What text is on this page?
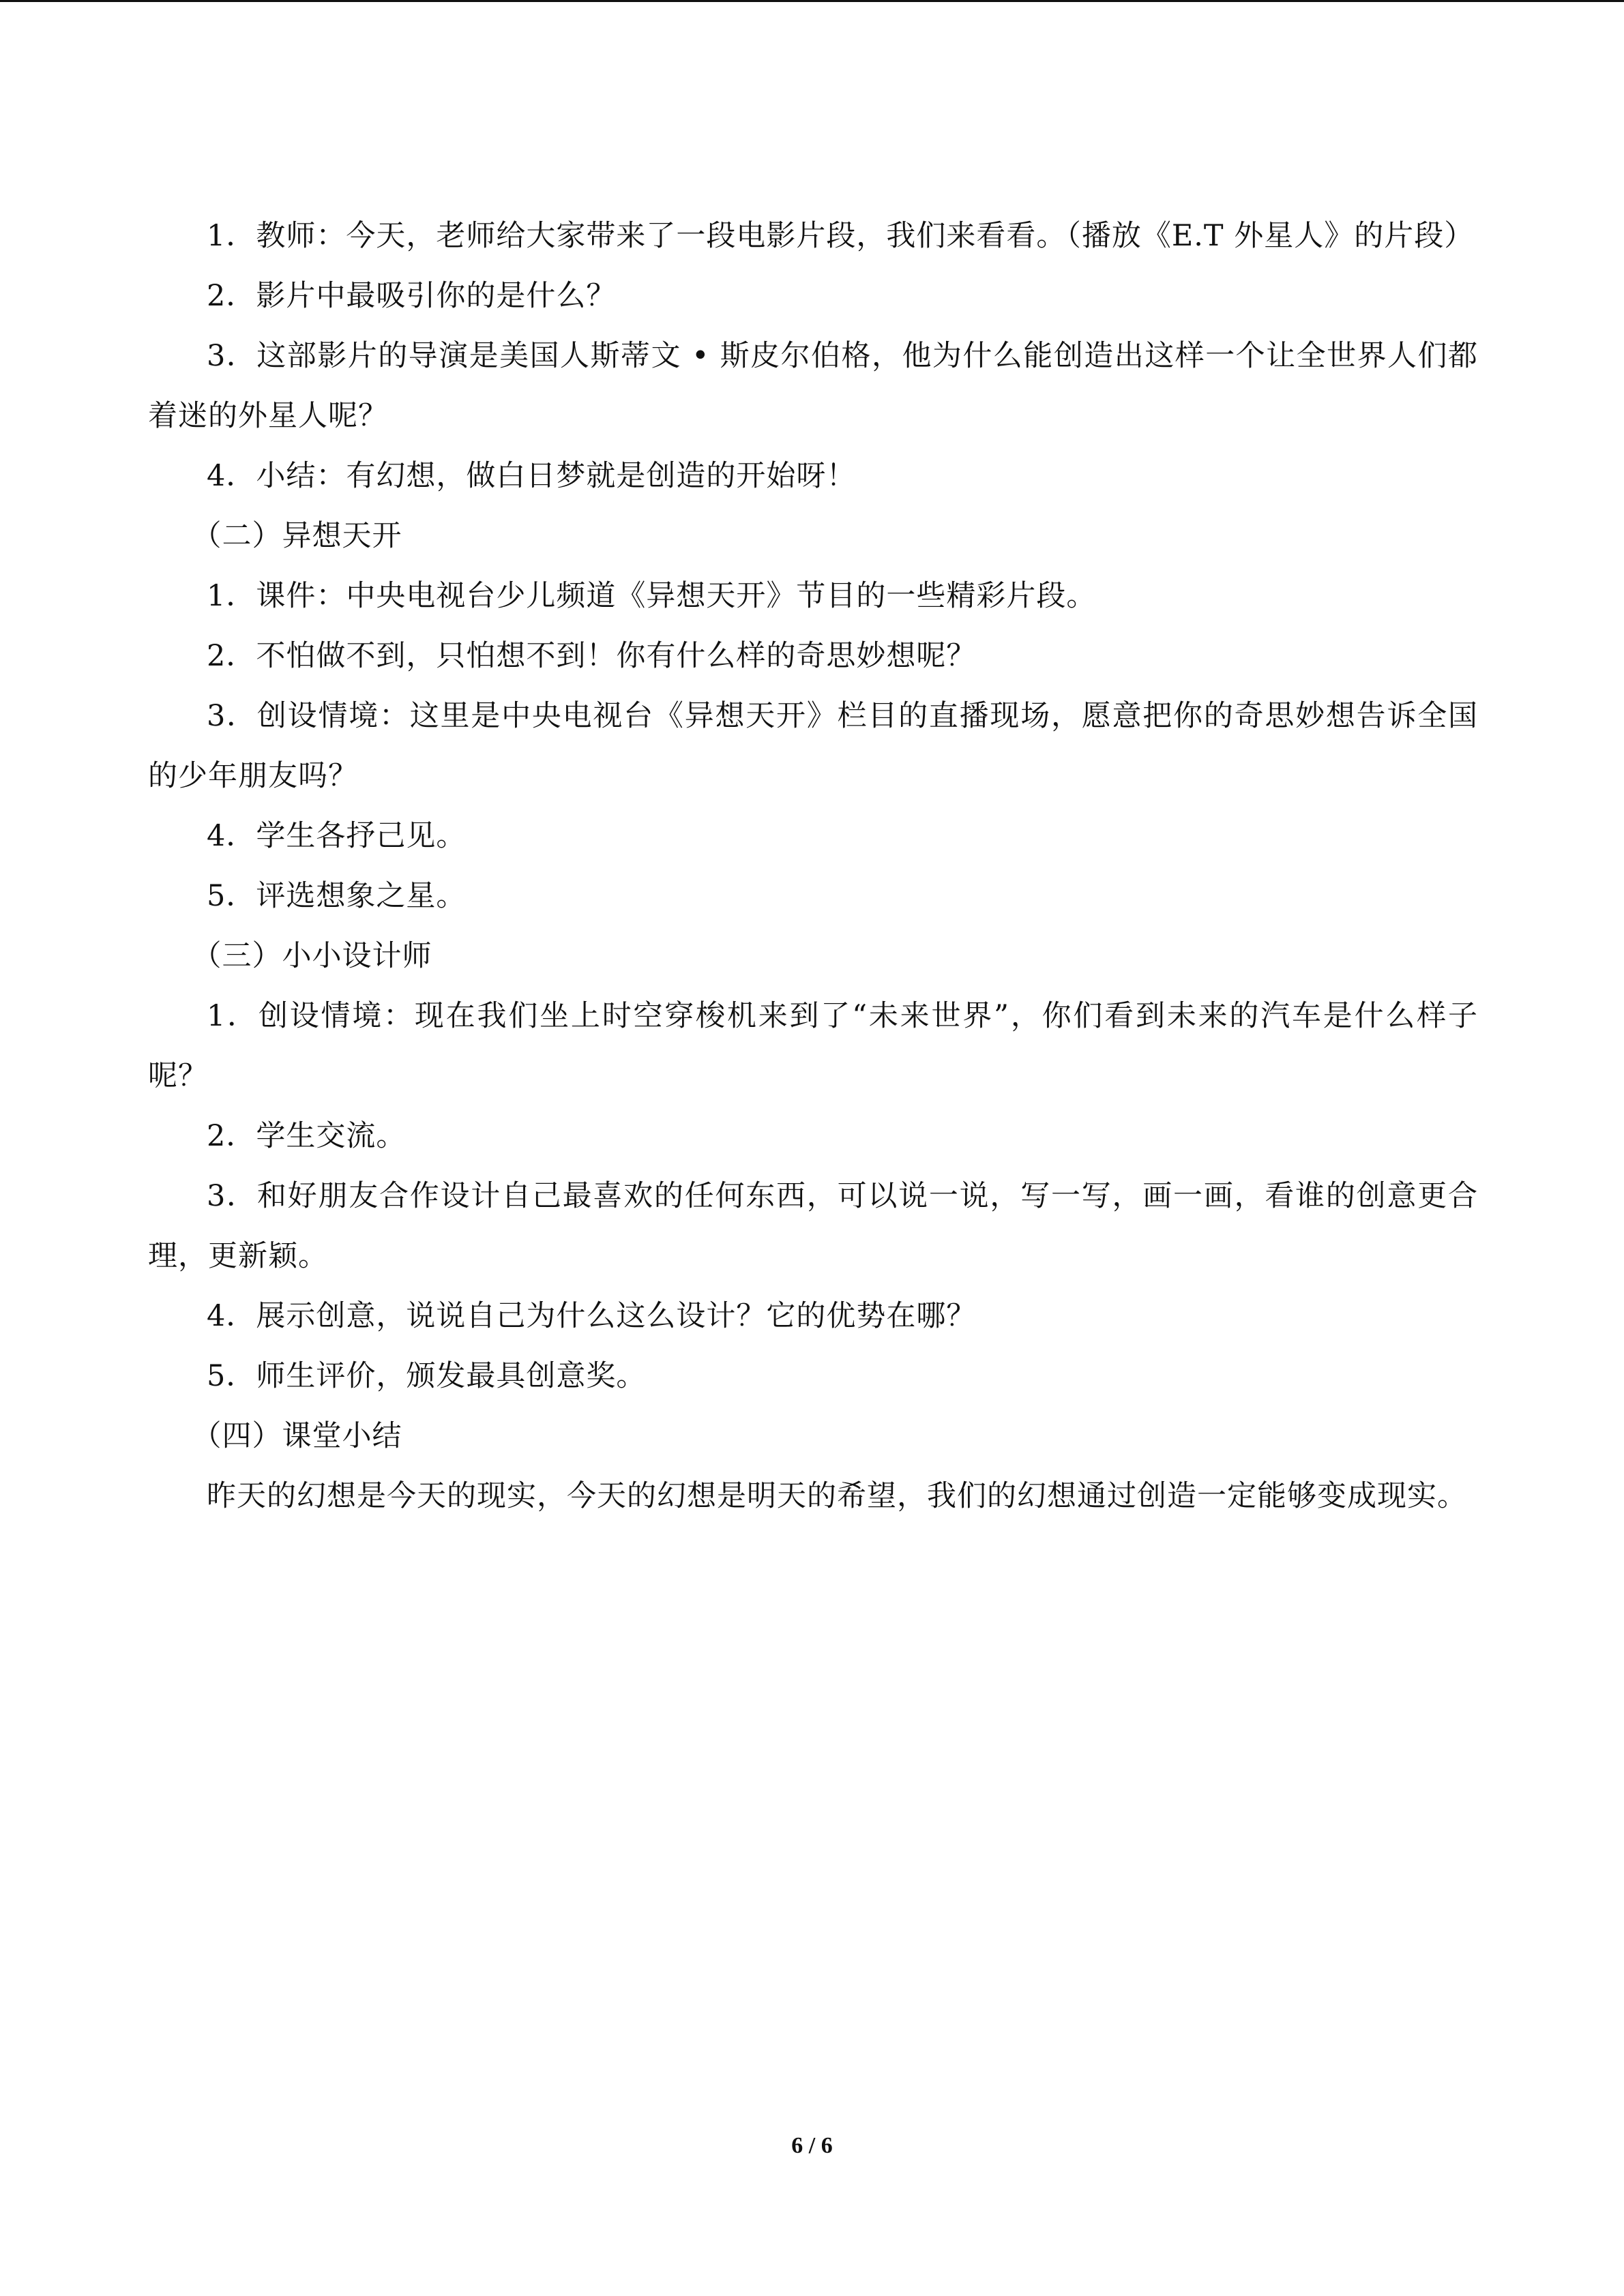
1．教师：今天，老师给大家带来了一段电影片段，我们来看看。（播放《E.T 外星人》的片段）

2．影片中最吸引你的是什么？

3．这部影片的导演是美国人斯蒂文 • 斯皮尔伯格，他为什么能创造出这样一个让全世界人们都着迷的外星人呢？

4．小结：有幻想，做白日梦就是创造的开始呀！

（二）异想天开

1．课件：中央电视台少儿频道《异想天开》节目的一些精彩片段。

2．不怕做不到，只怕想不到！你有什么样的奇思妙想呢？

3．创设情境：这里是中央电视台《异想天开》栏目的直播现场，愿意把你的奇思妙想告诉全国的少年朋友吗？

4．学生各抒己见。

5．评选想象之星。

（三）小小设计师

1．创设情境：现在我们坐上时空穿梭机来到了“未来世界”，你们看到未来的汽车是什么样子呢？

2．学生交流。

3．和好朋友合作设计自己最喜欢的任何东西，可以说一说，写一写，画一画，看谁的创意更合理，更新颖。

4．展示创意，说说自己为什么这么设计？它的优势在哪？

5．师生评价，颁发最具创意奖。

（四）课堂小结

昨天的幻想是今天的现实，今天的幻想是明天的希望，我们的幻想通过创造一定能够变成现实。

6 / 6
